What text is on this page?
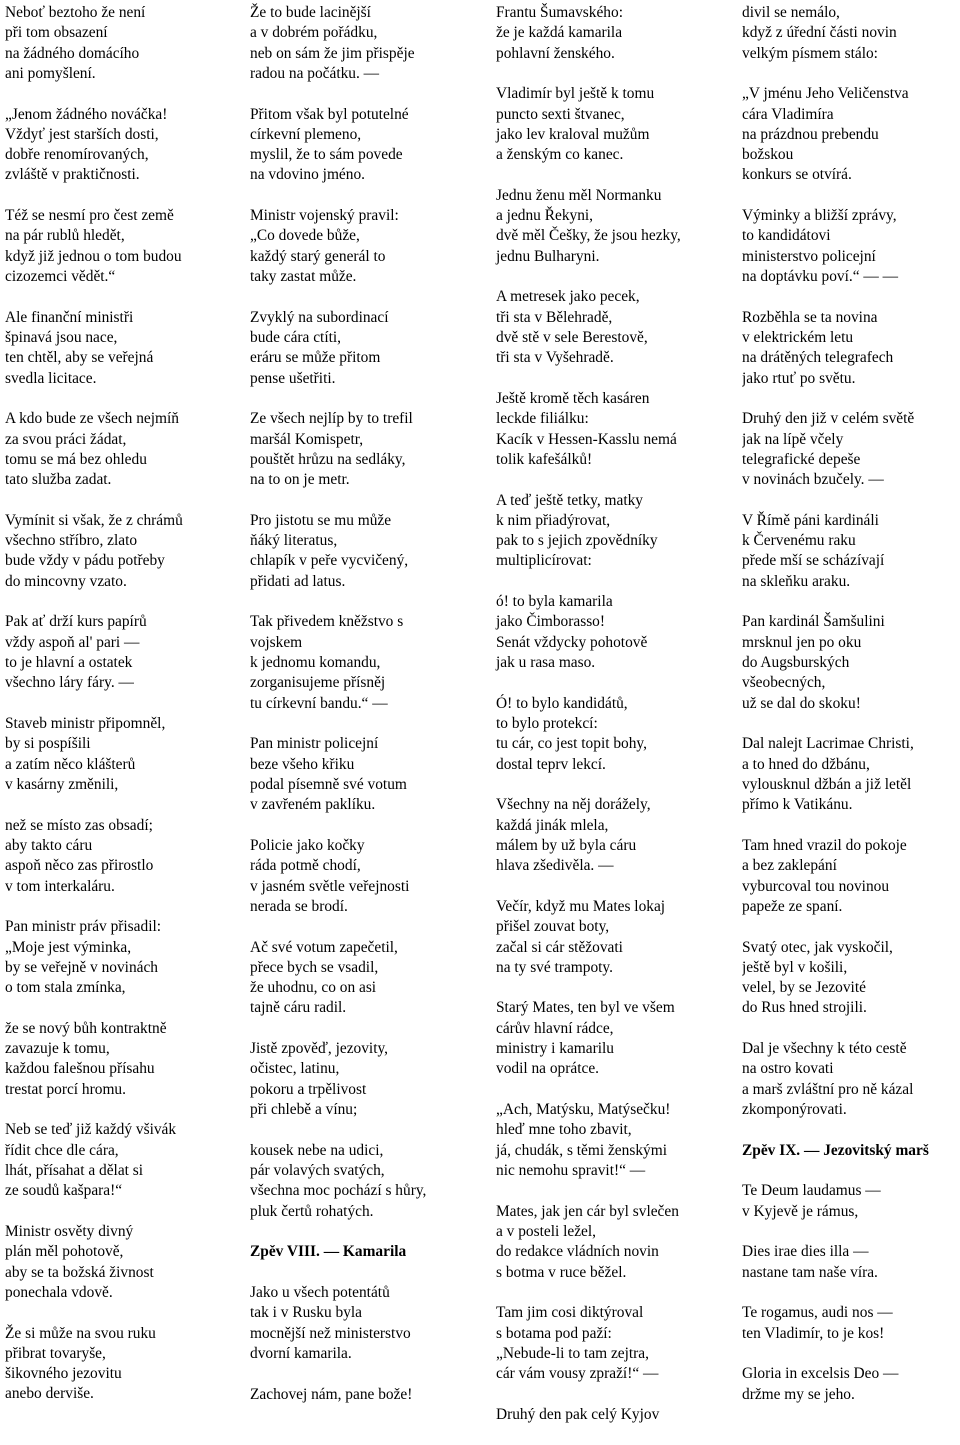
Neboť beztoho že není
při tom obsazení
na žádného domácího
ani pomyšlení.
„Jenom žádného nováčka!
Vždyť jest starších dosti,
dobře renomírovaných,
zvláště v praktičnosti.
Též se nesmí pro čest země
na pár rublů hledět,
když již jednou o tom budou
cizozemci vědět.“
Ale finanční ministři
špinavá jsou nace,
ten chtěl, aby se veřejná
svedla licitace.
A kdo bude ze všech nejmíň
za svou práci žádat,
tomu se má bez ohledu
tato služba zadat.
Vymínit si však, že z chrámů
všechno stříbro, zlato
bude vždy v pádu potřeby
do mincovny vzato.
Pak ať drží kurs papírů
vždy aspoň al' pari —
to je hlavní a ostatek
všechno láry fáry. —
Staveb ministr připomněl,
by si pospíšili
a zatím něco klášterů
v kasárny změnili,
než se místo zas obsadí;
aby takto cáru
aspoň něco zas přirostlo
v tom interkaláru.
Pan ministr práv přisadil:
„Moje jest výminka,
by se veřejně v novinách
o tom stala zmínka,
že se nový bůh kontraktně
zavazuje k tomu,
každou falešnou přísahu
trestat porcí hromu.
Neb se teď již každý všivák
řídit chce dle cára,
lhát, přísahat a dělat si
ze soudů kašpara!“
Ministr osvěty divný
plán měl pohotově,
aby se ta božská živnost
ponechala vdově.
Že si může na svou ruku
přibrat tovaryše,
šikovného jezovitu
anebo derviše.
Že to bude lacinější
a v dobrém pořádku,
neb on sám že jim přispěje
radou na počátku. —
Přitom však byl potutelné
církevní plemeno,
myslil, že to sám povede
na vdovino jméno.
Ministr vojenský pravil:
„Co dovede bůže,
každý starý generál to
taky zastat může.
Zvyklý na subordinací
bude cára ctíti,
eráru se může přitom
pense ušetřiti.
Ze všech nejlíp by to trefil
maršál Komispetr,
pouštět hrůzu na sedláky,
na to on je metr.
Pro jistotu se mu může
ňáký literatus,
chlapík v peře vycvičený,
přidati ad latus.
Tak přivedem kněžstvo s
vojskem
k jednomu komandu,
zorganisujeme přísněj
tu církevní bandu.“ —
Pan ministr policejní
beze všeho křiku
podal písemně své votum
v zavřeném paklíku.
Policie jako kočky
ráda potmě chodí,
v jasném světle veřejnosti
nerada se brodí.
Ač své votum zapečetil,
přece bych se vsadil,
že uhodnu, co on asi
tajně cáru radil.
Jistě zpověď, jezovity,
očistec, latinu,
pokoru a trpělivost
při chlebě a vínu;
kousek nebe na udici,
pár volavých svatých,
všechna moc pochází s hůry,
pluk čertů rohatých.
Zpěv VIII. — Kamarila
Jako u všech potentátů
tak i v Rusku byla
mocnější než ministerstvo
dvorní kamarila.
Zachovej nám, pane bože!
Frantu Šumavského:
že je každá kamarila
pohlavní ženského.
Vladimír byl ještě k tomu
puncto sexti štvanec,
jako lev kraloval mužům
a ženským co kanec.
Jednu ženu měl Normanku
a jednu Řekyni,
dvě měl Češky, že jsou hezky,
jednu Bulharyni.
A metresek jako pecek,
tři sta v Bělehradě,
dvě stě v sele Berestově,
tři sta v Vyšehradě.
Ještě kromě těch kasáren
leckde filiálku:
Kacík v Hessen-Kasslu nemá
tolik kafešálků!
A teď ještě tetky, matky
k nim přiadýrovat,
pak to s jejich zpovědníky
multiplicírovat:
ó! to byla kamarila
jako Čimborasso!
Senát vždycky pohotově
jak u rasa maso.
Ó! to bylo kandidátů,
to bylo protekcí:
tu cár, co jest topit bohy,
dostal teprv lekcí.
Všechny na něj dorážely,
každá jinák mlela,
málem by už byla cáru
hlava zšedivěla. —
Večír, když mu Mates lokaj
přišel zouvat boty,
začal si cár stěžovati
na ty své trampoty.
Starý Mates, ten byl ve všem
cárův hlavní rádce,
ministry i kamarilu
vodil na oprátce.
„Ach, Matýsku, Matýsečku!
hleď mne toho zbavit,
já, chudák, s těmi ženskými
nic nemohu spravit!“ —
Mates, jak jen cár byl svlečen
a v posteli ležel,
do redakce vládních novin
s botma v ruce běžel.
Tam jim cosi diktýroval
s botama pod paží:
„Nebude-li to tam zejtra,
cár vám vousy zpraží!“ —
Druhý den pak celý Kyjov
divil se nemálo,
když z úřední části novin
velkým písmem stálo:
„V jménu Jeho Veličenstva
cára Vladimíra
na prázdnou prebendu
božskou
konkurs se otvírá.
Výminky a bližší zprávy,
to kandidátovi
ministerstvo policejní
na doptávku poví.“ — —
Rozběhla se ta novina
v elektrickém letu
na drátěných telegrafech
jako rtuť po světu.
Druhý den již v celém světě
jak na lípě včely
telegrafické depeše
v novinách bzučely. —
V Římě páni kardináli
k Červenému raku
přede mší se scházívají
na skleňku araku.
Pan kardinál Šamšulini
mrsknul jen po oku
do Augsburských
všeobecných,
už se dal do skoku!
Dal nalejt Lacrimae Christi,
a to hned do džbánu,
vylousknul džbán a již letěl
přímo k Vatikánu.
Tam hned vrazil do pokoje
a bez zaklepání
vyburcoval tou novinou
papeže ze spaní.
Svatý otec, jak vyskočil,
ještě byl v košili,
velel, by se Jezovité
do Rus hned strojili.
Dal je všechny k této cestě
na ostro kovati
a marš zvláštní pro ně kázal
zkomponýrovati.
Zpěv IX. — Jezovitský marš
Te Deum laudamus —
v Kyjevě je rámus,
Dies irae dies illa —
nastane tam naše víra.
Te rogamus, audi nos —
ten Vladimír, to je kos!
Gloria in excelsis Deo —
držme my se jeho.
